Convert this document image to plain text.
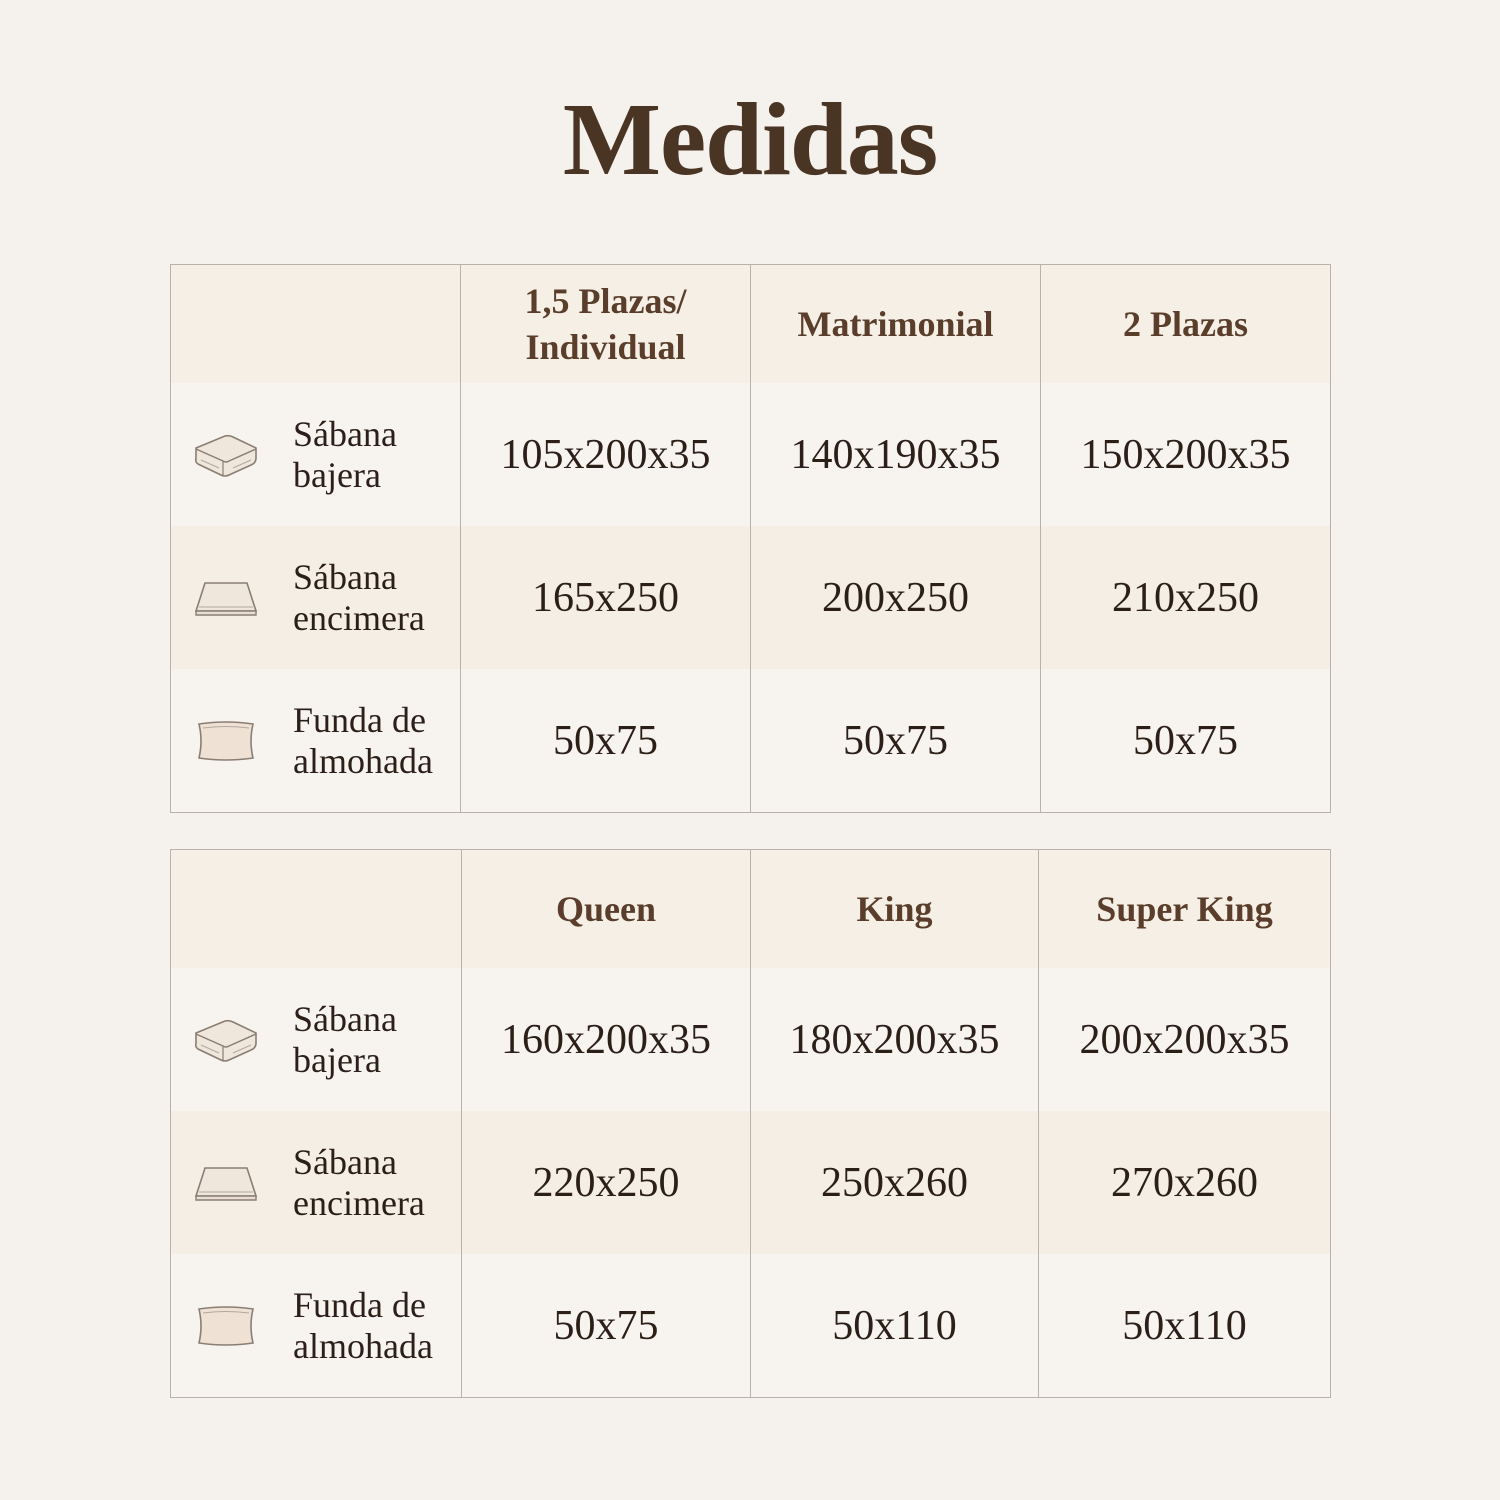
Medidas
	1,5 Plazas/ Individual	Matrimonial	2 Plazas

Sábana bajera	105x200x35	140x190x35	150x200x35

Sábana encimera	165x250	200x250	210x250

Funda de almohada	50x75	50x75	50x75
	Queen	King	Super King

Sábana bajera	160x200x35	180x200x35	200x200x35

Sábana encimera	220x250	250x260	270x260

Funda de almohada	50x75	50x110	50x110
